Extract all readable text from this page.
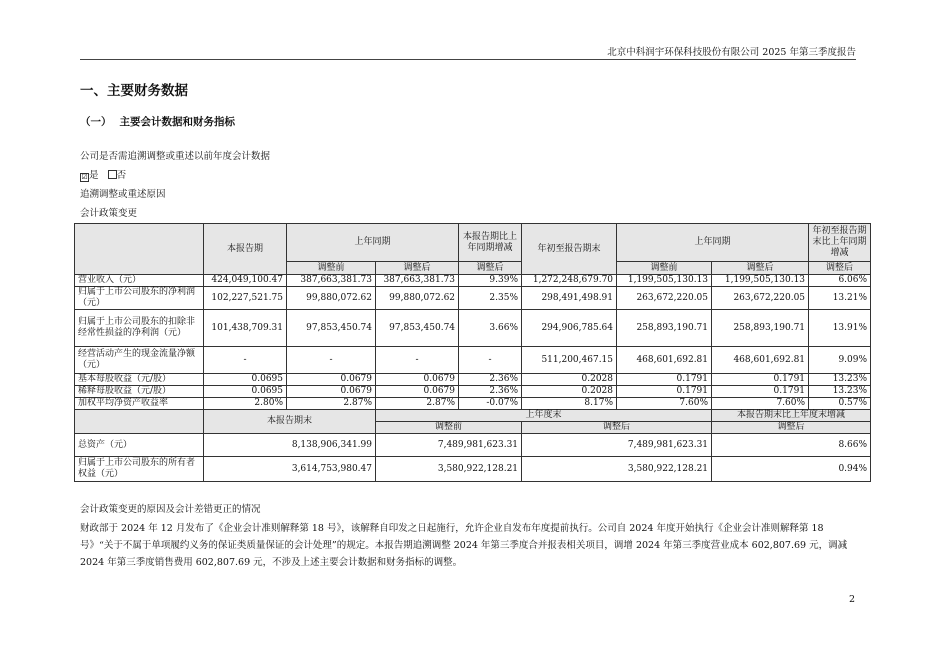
北京中科润宇环保科技股份有限公司 2025 年第三季度报告
一、主要财务数据
（一） 主要会计数据和财务指标
公司是否需追溯调整或重述以前年度会计数据
☑是 否
追溯调整或重述原因
会计政策变更
	本报告期	上年同期		本报告期比上年同期增减	年初至报告期末	上年同期		年初至报告期末比上年同期增减
		调整前	调整后	调整后		调整前	调整后	调整后
营业收入（元）	424,049,100.47	387,663,381.73	387,663,381.73	9.39%	1,272,248,679.70	1,199,505,130.13	1,199,505,130.13	6.06%
归属于上市公司股东的净利润（元）	102,227,521.75	99,880,072.62	99,880,072.62	2.35%	298,491,498.91	263,672,220.05	263,672,220.05	13.21%
归属于上市公司股东的扣除非经常性损益的净利润（元）	101,438,709.31	97,853,450.74	97,853,450.74	3.66%	294,906,785.64	258,893,190.71	258,893,190.71	13.91%
经营活动产生的现金流量净额（元）	-	-	-	-	511,200,467.15	468,601,692.81	468,601,692.81	9.09%
基本每股收益（元/股）	0.0695	0.0679	0.0679	2.36%	0.2028	0.1791	0.1791	13.23%
稀释每股收益（元/股）	0.0695	0.0679	0.0679	2.36%	0.2028	0.1791	0.1791	13.23%
加权平均净资产收益率	2.80%	2.87%	2.87%	-0.07%	8.17%	7.60%	7.60%	0.57%
	本报告期末		上年度末				本报告期末比上年度末增减	
			调整前		调整后		调整后	
总资产（元）	8,138,906,341.99		7,489,981,623.31		7,489,981,623.31		8.66%	
归属于上市公司股东的所有者权益（元）	3,614,753,980.47		3,580,922,128.21		3,580,922,128.21		0.94%	
会计政策变更的原因及会计差错更正的情况
财政部于 2024 年 12 月发布了《企业会计准则解释第 18 号》，该解释自印发之日起施行，允许企业自发布年度提前执行。公司自 2024 年度开始执行《企业会计准则解释第 18 号》“关于不属于单项履约义务的保证类质量保证的会计处理”的规定。本报告期追溯调整 2024 年第三季度合并报表相关项目，调增 2024 年第三季度营业成本 602,807.69 元，调减 2024 年第三季度销售费用 602,807.69 元，不涉及上述主要会计数据和财务指标的调整。
2
